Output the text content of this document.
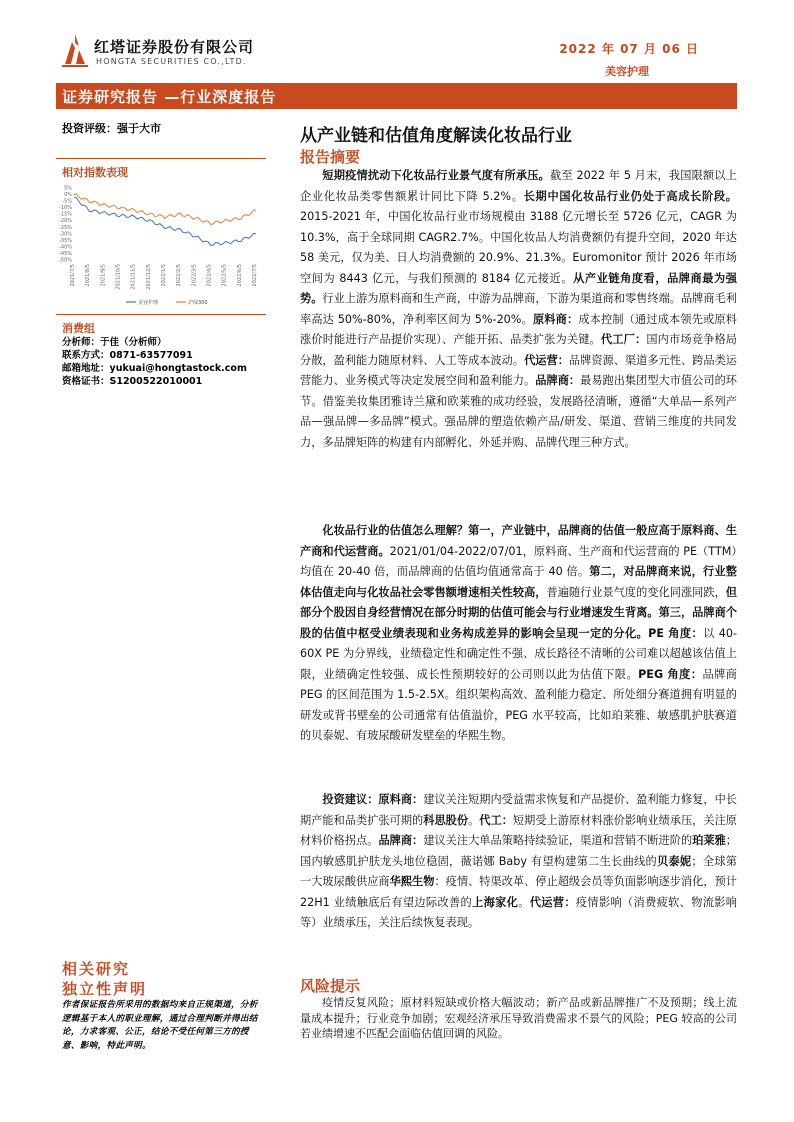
红塔证券股份有限公司
HONGTA SECURITIES CO.,LTD.
2022 年 07 月 06 日
美容护理
证券研究报告 —行业深度报告
投资评级：强于大市
相对指数表现
5%
0%
-5%
-10%
-15%
-20%
-25%
-30%
-35%
-40%
-45%
-50%
2021/7/5 2021/8/5 2021/9/5 2021/10/5 2021/11/5 2021/12/5 2022/1/5 2022/2/5 2022/3/5 2022/4/5 2022/5/5 2022/6/5 2022/7/5
美容护理	沪深300
消费组
分析师：于佳（分析师）
联系方式：0871-63577091
邮箱地址：yukuai@hongtastock.com
资格证书：S1200522010001
相关研究
独立性声明
作者保证报告所采用的数据均来自正规渠道，分析逻辑基于本人的职业理解，通过合理判断并得出结论，力求客观、公正，结论不受任何第三方的授意、影响，特此声明。
从产业链和估值角度解读化妆品行业
报告摘要
短期疫情扰动下化妆品行业景气度有所承压。截至 2022 年 5 月末，我国限额以上企业化妆品类零售额累计同比下降 5.2%。长期中国化妆品行业仍处于高成长阶段。2015-2021 年，中国化妆品行业市场规模由 3188 亿元增长至 5726 亿元，CAGR 为 10.3%，高于全球同期 CAGR2.7%。中国化妆品人均消费额仍有提升空间，2020 年达 58 美元，仅为美、日人均消费额的 20.9%、21.3%。Euromonitor 预计 2026 年市场空间为 8443 亿元，与我们预测的 8184 亿元接近。从产业链角度看，品牌商最为强势。行业上游为原料商和生产商，中游为品牌商，下游为渠道商和零售终端。品牌商毛利率高达 50%-80%，净利率区间为 5%-20%。原料商：成本控制（通过成本领先或原料涨价时能进行产品提价实现）、产能开拓、品类扩张为关键。代工厂：国内市场竞争格局分散，盈利能力随原材料、人工等成本波动。代运营：品牌资源、渠道多元性、跨品类运营能力、业务模式等决定发展空间和盈利能力。品牌商：最易跑出集团型大市值公司的环节。借鉴美妆集团雅诗兰黛和欧莱雅的成功经验，发展路径清晰，遵循“大单品—系列产品—强品牌—多品牌”模式。强品牌的塑造依赖产品/研发、渠道、营销三维度的共同发力，多品牌矩阵的构建有内部孵化、外延并购、品牌代理三种方式。
化妆品行业的估值怎么理解？第一，产业链中，品牌商的估值一般应高于原料商、生产商和代运营商。2021/01/04-2022/07/01，原料商、生产商和代运营商的 PE（TTM）均值在 20-40 倍，而品牌商的估值均值通常高于 40 倍。第二，对品牌商来说，行业整体估值走向与化妆品社会零售额增速相关性较高，普遍随行业景气度的变化同涨同跌，但部分个股因自身经营情况在部分时期的估值可能会与行业增速发生背离。第三，品牌商个股的估值中枢受业绩表现和业务构成差异的影响会呈现一定的分化。PE 角度：以 40-60X PE 为分界线，业绩稳定性和确定性不强、成长路径不清晰的公司难以超越该估值上限，业绩确定性较强、成长性预期较好的公司则以此为估值下限。PEG 角度：品牌商 PEG 的区间范围为 1.5-2.5X。组织架构高效、盈利能力稳定、所处细分赛道拥有明显的研发或背书壁垒的公司通常有估值溢价，PEG 水平较高，比如珀莱雅、敏感肌护肤赛道的贝泰妮、有玻尿酸研发壁垒的华熙生物。
投资建议：原料商：建议关注短期内受益需求恢复和产品提价、盈利能力修复，中长期产能和品类扩张可期的科思股份。代工：短期受上游原材料涨价影响业绩承压，关注原材料价格拐点。品牌商：建议关注大单品策略持续验证，渠道和营销不断进阶的珀莱雅；国内敏感肌护肤龙头地位稳固，薇诺娜 Baby 有望构建第二生长曲线的贝泰妮；全球第一大玻尿酸供应商华熙生物：疫情、特渠改革、停止超级会员等负面影响逐步消化，预计 22H1 业绩触底后有望边际改善的上海家化。代运营：疫情影响（消费疲软、物流影响等）业绩承压，关注后续恢复表现。
风险提示
疫情反复风险；原材料短缺或价格大幅波动；新产品或新品牌推广不及预期；线上流量成本提升；行业竞争加剧；宏观经济承压导致消费需求不景气的风险；PEG 较高的公司若业绩增速不匹配会面临估值回调的风险。
